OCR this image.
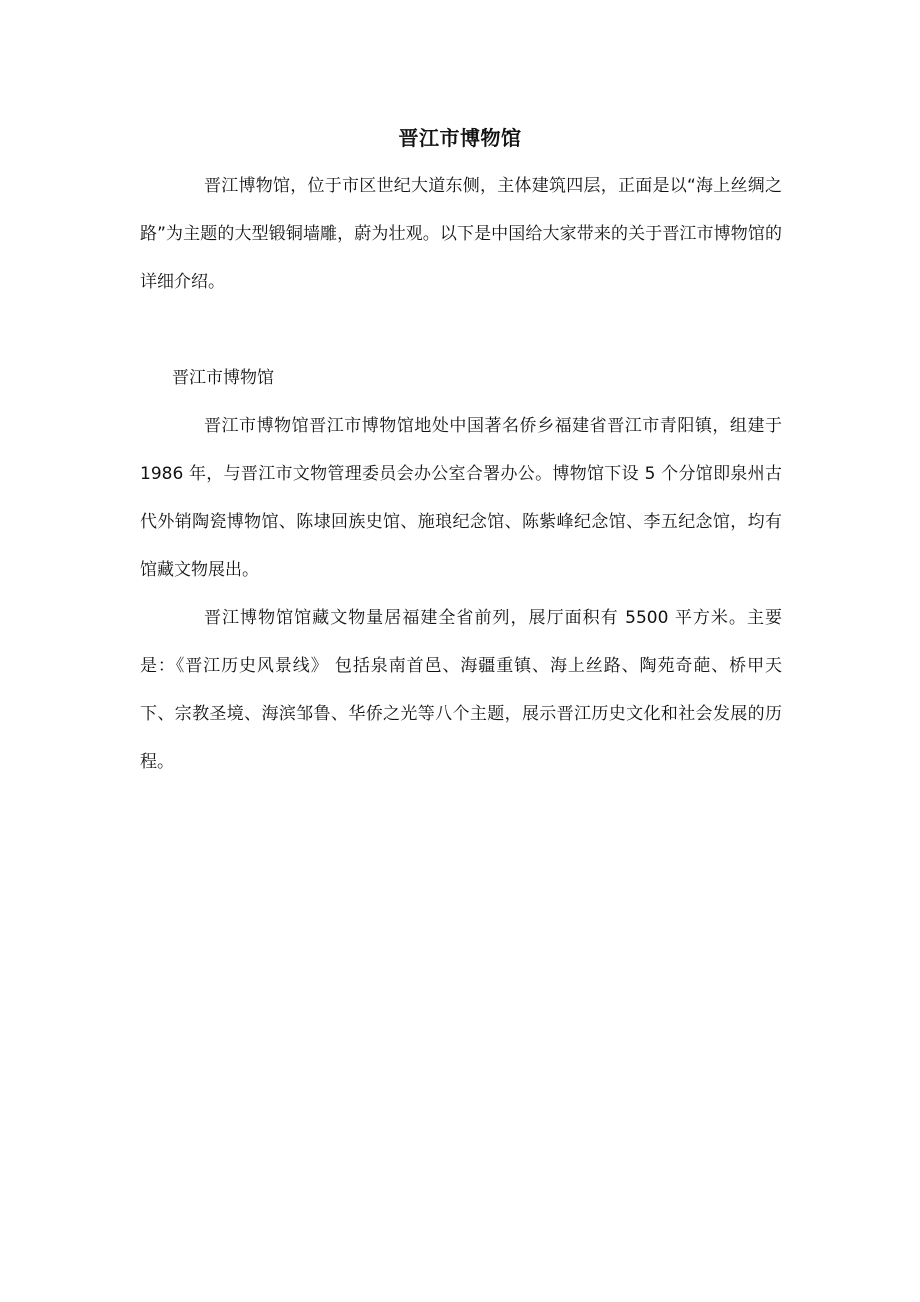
晋江市博物馆

晋江博物馆，位于市区世纪大道东侧，主体建筑四层，正面是以“海上丝绸之路”为主题的大型锻铜墙雕，蔚为壮观。以下是中国给大家带来的关于晋江市博物馆的详细介绍。

晋江市博物馆

晋江市博物馆晋江市博物馆地处中国著名侨乡福建省晋江市青阳镇，组建于 1986 年，与晋江市文物管理委员会办公室合署办公。博物馆下设 5 个分馆即泉州古代外销陶瓷博物馆、陈埭回族史馆、施琅纪念馆、陈紫峰纪念馆、李五纪念馆，均有馆藏文物展出。

晋江博物馆馆藏文物量居福建全省前列，展厅面积有 5500 平方米。主要是：《晋江历史风景线》 包括泉南首邑、海疆重镇、海上丝路、陶苑奇葩、桥甲天下、宗教圣境、海滨邹鲁、华侨之光等八个主题，展示晋江历史文化和社会发展的历程。
